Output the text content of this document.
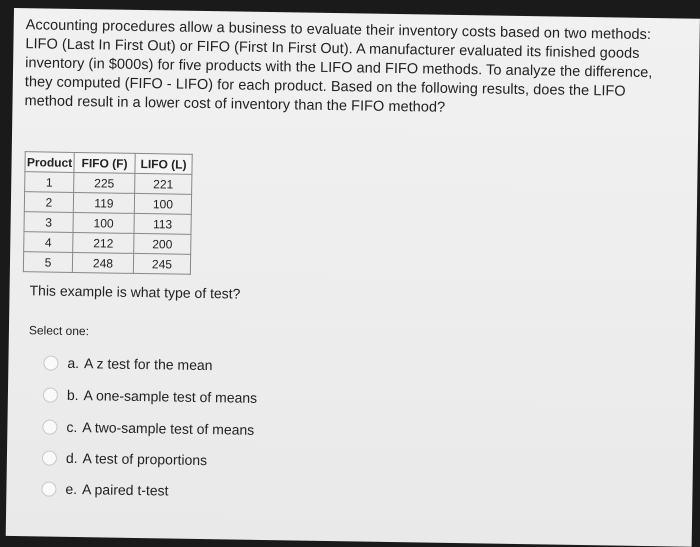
Accounting procedures allow a business to evaluate their inventory costs based on two methods: LIFO (Last In First Out) or FIFO (First In First Out). A manufacturer evaluated its finished goods inventory (in $000s) for five products with the LIFO and FIFO methods. To analyze the difference, they computed (FIFO - LIFO) for each product. Based on the following results, does the LIFO method result in a lower cost of inventory than the FIFO method?

Product	FIFO (F)	LIFO (L)
1	225	221
2	119	100
3	100	113
4	212	200
5	248	245

This example is what type of test?

Select one:

a. A z test for the mean
b. A one-sample test of means
c. A two-sample test of means
d. A test of proportions
e. A paired t-test
